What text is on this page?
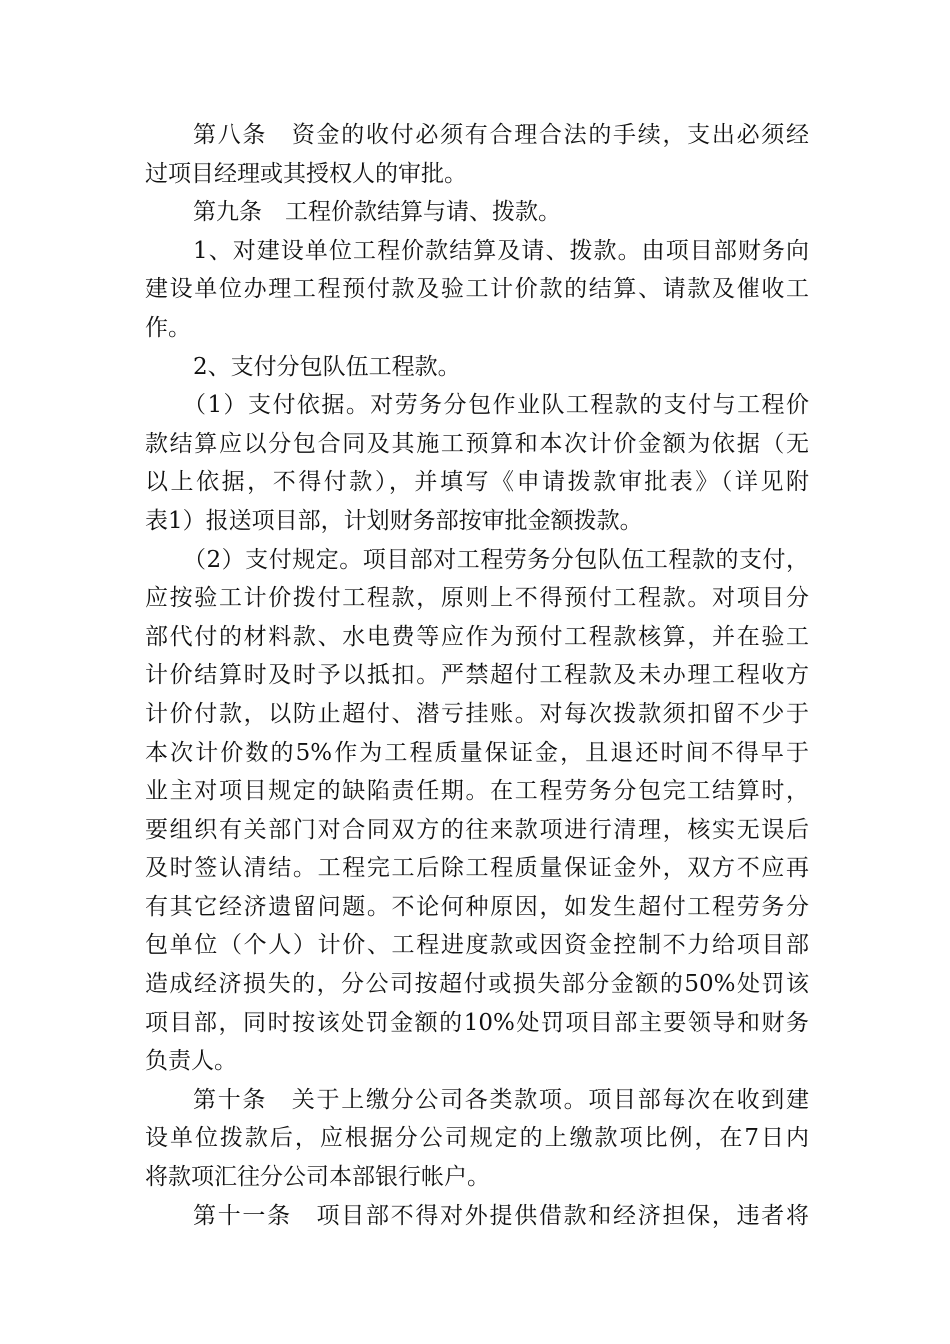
第八条　资金的收付必须有合理合法的手续，支出必须经
过项目经理或其授权人的审批。
第九条　工程价款结算与请、拨款。
1、对建设单位工程价款结算及请、拨款。由项目部财务向
建设单位办理工程预付款及验工计价款的结算、请款及催收工
作。
2、支付分包队伍工程款。
（1）支付依据。对劳务分包作业队工程款的支付与工程价
款结算应以分包合同及其施工预算和本次计价金额为依据（无
以上依据，不得付款），并填写《申请拨款审批表》（详见附
表1）报送项目部，计划财务部按审批金额拨款。
（2）支付规定。项目部对工程劳务分包队伍工程款的支付，
应按验工计价拨付工程款，原则上不得预付工程款。对项目分
部代付的材料款、水电费等应作为预付工程款核算，并在验工
计价结算时及时予以抵扣。严禁超付工程款及未办理工程收方
计价付款，以防止超付、潜亏挂账。对每次拨款须扣留不少于
本次计价数的5%作为工程质量保证金，且退还时间不得早于
业主对项目规定的缺陷责任期。在工程劳务分包完工结算时，
要组织有关部门对合同双方的往来款项进行清理，核实无误后
及时签认清结。工程完工后除工程质量保证金外，双方不应再
有其它经济遗留问题。不论何种原因，如发生超付工程劳务分
包单位（个人）计价、工程进度款或因资金控制不力给项目部
造成经济损失的，分公司按超付或损失部分金额的50%处罚该
项目部，同时按该处罚金额的10%处罚项目部主要领导和财务
负责人。
第十条　关于上缴分公司各类款项。项目部每次在收到建
设单位拨款后，应根据分公司规定的上缴款项比例，在7日内
将款项汇往分公司本部银行帐户。
第十一条　项目部不得对外提供借款和经济担保，违者将
